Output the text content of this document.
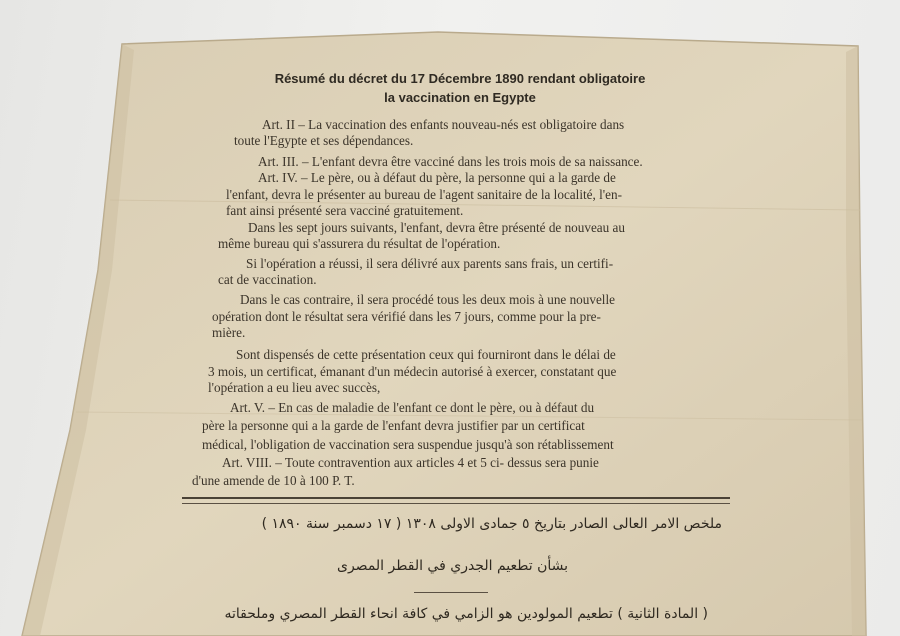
Résumé du décret du 17 Décembre 1890 rendant obligatoire
la vaccination en Egypte
Art. II – La vaccination des enfants nouveau-nés est obligatoire dans
toute l'Egypte et ses dépendances.
Art. III. – L'enfant devra être vacciné dans les trois mois de sa naissance.
Art. IV. – Le père, ou à défaut du père, la personne qui a la garde de
l'enfant, devra le présenter au bureau de l'agent sanitaire de la localité, l'en-
fant ainsi présenté sera vacciné gratuitement.
Dans les sept jours suivants, l'enfant, devra être présenté de nouveau au
même bureau qui s'assurera du résultat de l'opération.
Si l'opération a réussi, il sera délivré aux parents sans frais, un certifi-
cat de vaccination.
Dans le cas contraire, il sera procédé tous les deux mois à une nouvelle
opération dont le résultat sera vérifié dans les 7 jours, comme pour la pre-
mière.
Sont dispensés de cette présentation ceux qui fourniront dans le délai de
3 mois, un certificat, émanant d'un médecin autorisé à exercer, constatant que
l'opération a eu lieu avec succès,
Art. V. – En cas de maladie de l'enfant ce dont le père, ou à défaut du
père la personne qui a la garde de l'enfant devra justifier par un certificat
médical, l'obligation de vaccination sera suspendue jusqu'à son rétablissement
Art. VIII. – Toute contravention aux articles 4 et 5 ci- dessus sera punie
d'une amende de 10 à 100 P. T.
ملخص الامر العالى الصادر بتاريخ ٥ جمادى الاولى ١٣٠٨ ( ١٧ دسمبر سنة ١٨٩٠ )
بشأن تطعيم الجدري في القطر المصرى
( المادة الثانية ) تطعيم المولودين هو الزامي في كافة انحاء القطر المصري وملحقاته
